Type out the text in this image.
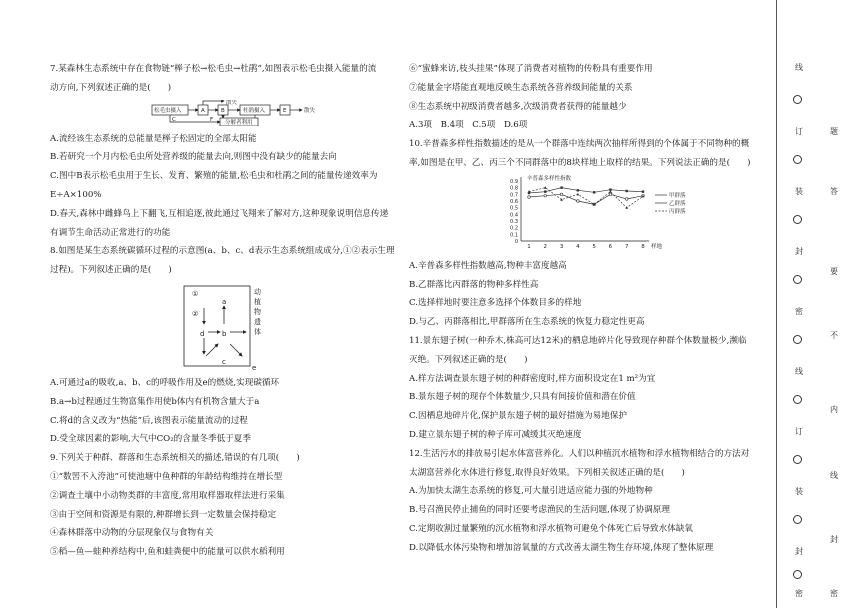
7.某森林生态系统中存在食物链“榉子松→松毛虫→杜鹃”,如图表示松毛虫摄入能量的流
动方向,下列叙述正确的是(　　)
松毛虫摄入	A	B	杜鹃摄入	E
分解者利用
散失
散失
C	F
A.流经该生态系统的总能量是榉子松固定的全部太阳能
B.若研究一个月内松毛虫所处营养级的能量去向,则图中没有缺少的能量去向
C.图中B表示松毛虫用于生长、发育、繁殖的能量,松毛虫和杜鹃之间的能量传递效率为
E÷A×100%
D.春天,森林中雌蜂鸟上下翻飞,互相追逐,彼此通过飞翔来了解对方,这种现象说明信息传递
有调节生命活动正常进行的功能
8.如图是某生态系统碳循环过程的示意图(a、b、c、d表示生态系统组成成分,①②表示生理
过程)。下列叙述正确的是(　　)
①
②
a
b
c
d
e
动
植
物
遗
体
A.可通过a的吸收,a、b、c的呼吸作用及e的燃烧,实现碳循环
B.a→b过程通过生物富集作用使b体内有机物含量大于a
C.将d的含义改为“热能”后,该图表示能量流动的过程
D.受全球因素的影响,大气中CO₂的含量冬季低于夏季
9.下列关于种群、群落和生态系统相关的描述,错误的有几项(　　)
①“数罟不入洿池”可使池塘中鱼种群的年龄结构维持在增长型
②调查土壤中小动物类群的丰富度,常用取样器取样法进行采集
③由于空间和资源是有限的,种群增长到一定数量会保持稳定
④森林群落中动物的分层现象仅与食物有关
⑤稻—鱼—蛙种养结构中,鱼和蛙粪便中的能量可以供水稻利用
⑥“蜜蜂来访,枝头挂果”体现了消费者对植物的传粉具有重要作用
⑦能量金字塔能直观地反映生态系统各营养级间能量的关系
⑧生态系统中初级消费者越多,次级消费者获得的能量越少
A.3项　B.4项　C.5项　D.6项
10.辛普森多样性指数描述的是从一个群落中连续两次抽样所得到的个体属于不同物种的概
率,如图是在甲、乙、丙三个不同群落中的8块样地上取样的结果。下列说法正确的是(　　)
0
0.1
0.2
0.3
0.4
0.5
0.6
0.7
0.8
0.9
1 2 3 4 5 6 7 8 样地
辛普森多样性指数
甲群落
乙群落
丙群落
A.辛普森多样性指数越高,物种丰富度越高
B.乙群落比丙群落的物种多样性高
C.选择样地时要注意多选择个体数目多的样地
D.与乙、丙群落相比,甲群落所在生态系统的恢复力稳定性更高
11.景东翅子树(一种乔木,株高可达12米)的栖息地碎片化导致现存种群个体数量极少,濒临
灭绝。下列叙述正确的是(　　)
A.样方法调查景东翅子树的种群密度时,样方面积设定在1 m²为宜
B.景东翅子树的现存个体数量少,只具有间接价值和潜在价值
C.因栖息地碎片化,保护景东翅子树的最好措施为易地保护
D.建立景东翅子树的种子库可减缓其灭绝速度
12.生活污水的排放易引起水体富营养化。人们以种植沉水植物和浮水植物相结合的方法对
太湖富营养化水体进行修复,取得良好效果。下列相关叙述正确的是(　　)
A.为加快太湖生态系统的修复,可大量引进适应能力强的外地物种
B.号召渔民停止捕鱼的同时还要考虑渔民的生活问题,体现了协调原理
C.定期收割过量繁殖的沉水植物和浮水植物可避免个体死亡后导致水体缺氧
D.以降低水体污染物和增加溶氧量的方式改善太湖生物生存环境,体现了整体原理
线
订
装
封
密
线
订
装
封
密
题
答
要
不
内
线
封
密
